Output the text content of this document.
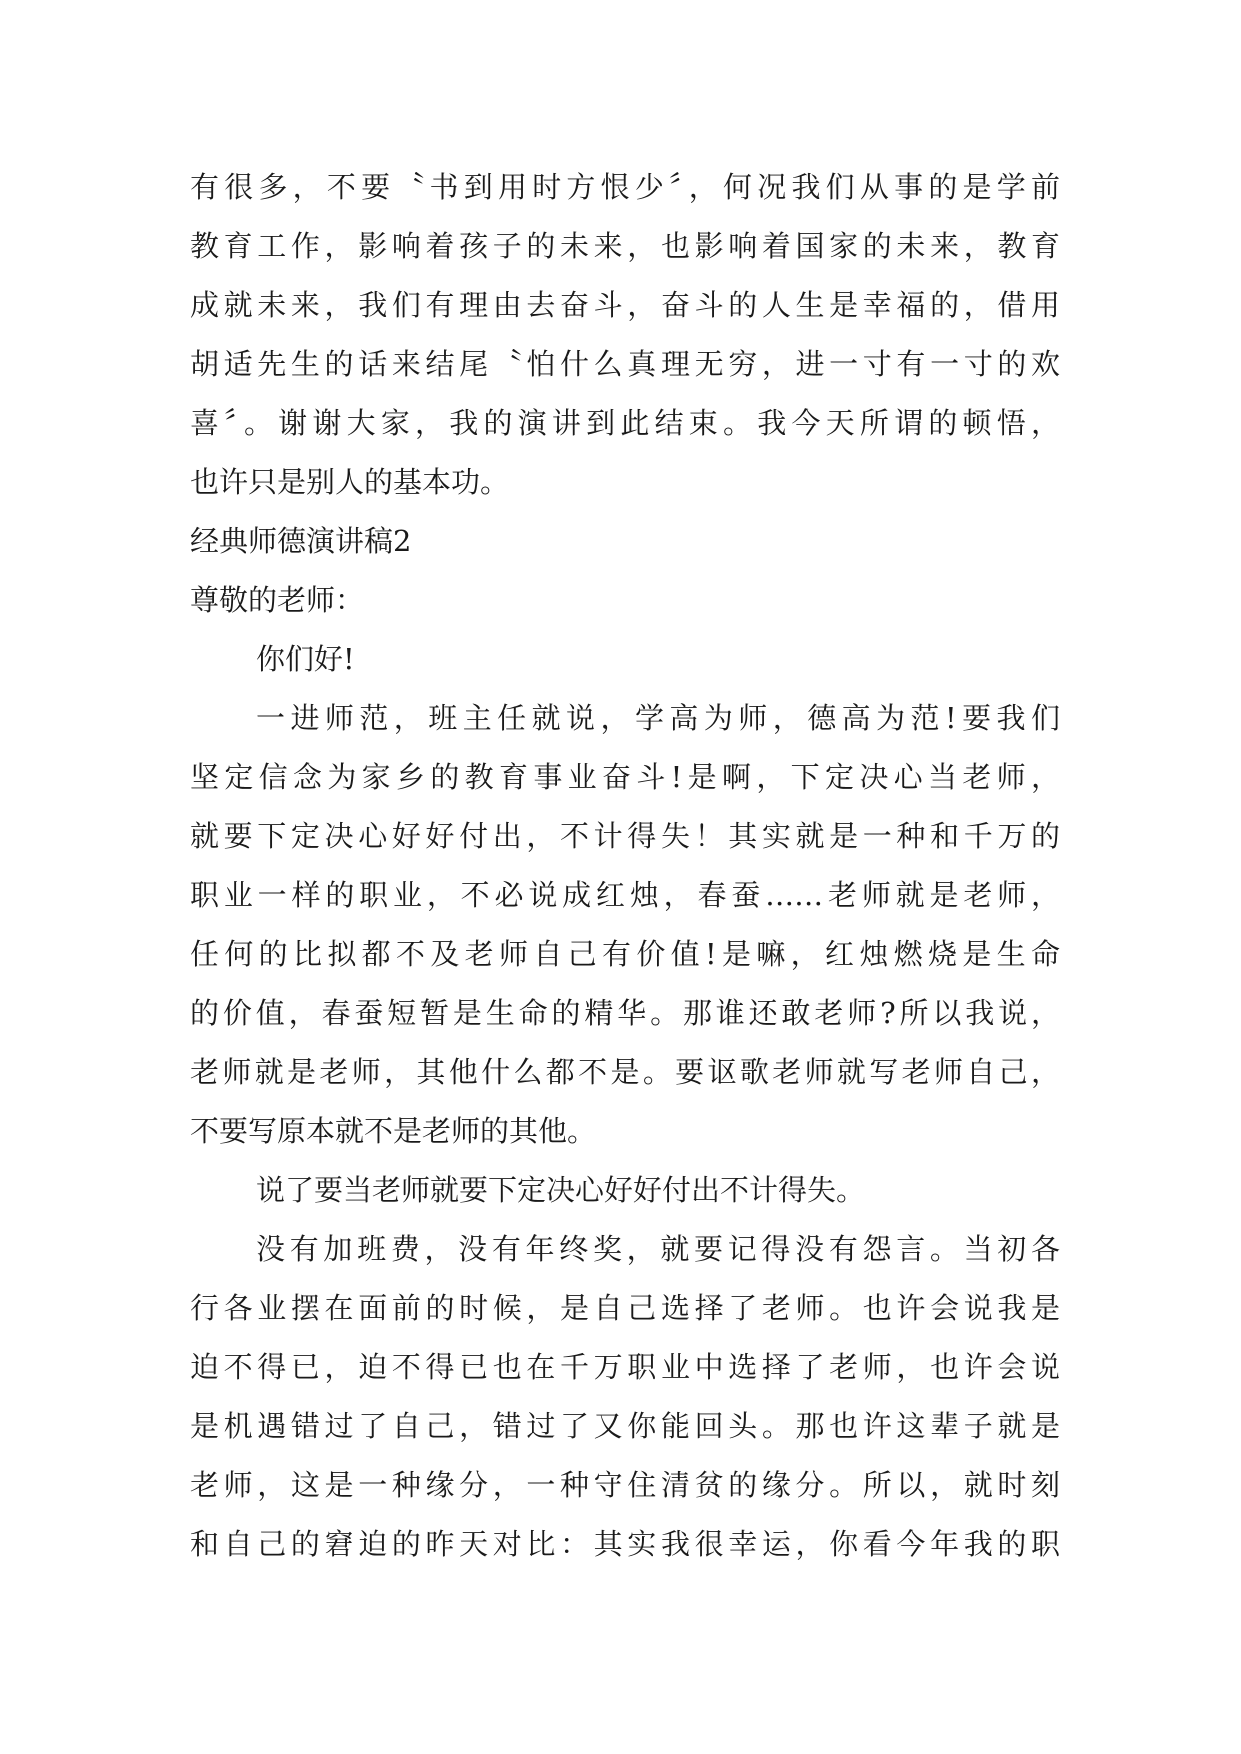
有很多，不要〝书到用时方恨少〞，何况我们从事的是学前
教育工作，影响着孩子的未来，也影响着国家的未来，教育
成就未来，我们有理由去奋斗，奋斗的人生是幸福的，借用
胡适先生的话来结尾〝怕什么真理无穷，进一寸有一寸的欢
喜〞。谢谢大家，我的演讲到此结束。我今天所谓的顿悟，
也许只是别人的基本功。
经典师德演讲稿2
尊敬的老师：
你们好!
一进师范，班主任就说，学高为师，德高为范!要我们
坚定信念为家乡的教育事业奋斗!是啊，下定决心当老师，
就要下定决心好好付出，不计得失！其实就是一种和千万的
职业一样的职业，不必说成红烛，春蚕……老师就是老师，
任何的比拟都不及老师自己有价值!是嘛，红烛燃烧是生命
的价值，春蚕短暂是生命的精华。那谁还敢老师?所以我说，
老师就是老师，其他什么都不是。要讴歌老师就写老师自己，
不要写原本就不是老师的其他。
说了要当老师就要下定决心好好付出不计得失。
没有加班费，没有年终奖，就要记得没有怨言。当初各
行各业摆在面前的时候，是自己选择了老师。也许会说我是
迫不得已，迫不得已也在千万职业中选择了老师，也许会说
是机遇错过了自己，错过了又你能回头。那也许这辈子就是
老师，这是一种缘分，一种守住清贫的缘分。所以，就时刻
和自己的窘迫的昨天对比：其实我很幸运，你看今年我的职
